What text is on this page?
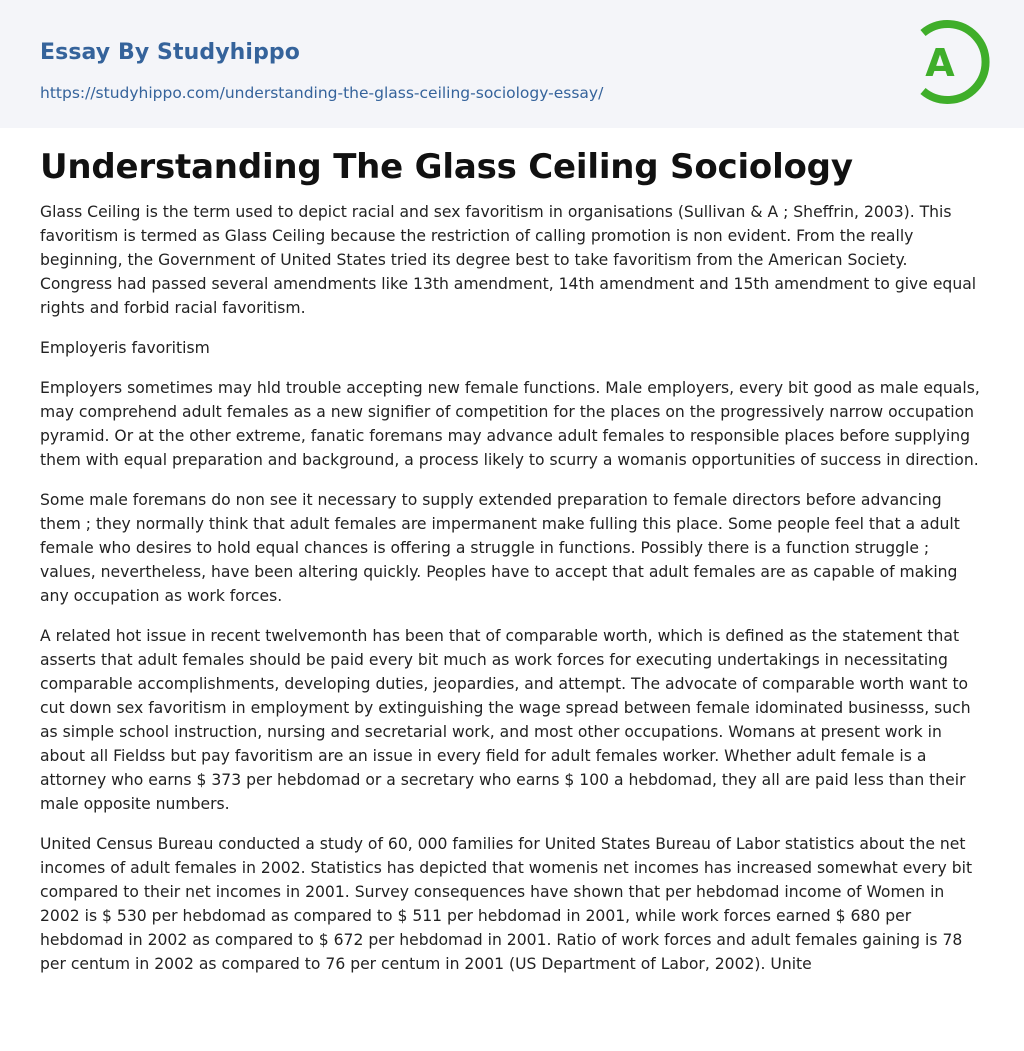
Essay By Studyhippo
https://studyhippo.com/understanding-the-glass-ceiling-sociology-essay/
A
Understanding The Glass Ceiling Sociology

Glass Ceiling is the term used to depict racial and sex favoritism in organisations (Sullivan & A ; Sheffrin, 2003). This favoritism is termed as Glass Ceiling because the restriction of calling promotion is non evident. From the really beginning, the Government of United States tried its degree best to take favoritism from the American Society. Congress had passed several amendments like 13th amendment, 14th amendment and 15th amendment to give equal rights and forbid racial favoritism.

Employeris favoritism

Employers sometimes may hld trouble accepting new female functions. Male employers, every bit good as male equals, may comprehend adult females as a new signifier of competition for the places on the progressively narrow occupation pyramid. Or at the other extreme, fanatic foremans may advance adult females to responsible places before supplying them with equal preparation and background, a process likely to scurry a womanis opportunities of success in direction.

Some male foremans do non see it necessary to supply extended preparation to female directors before advancing them ; they normally think that adult females are impermanent make fulling this place. Some people feel that a adult female who desires to hold equal chances is offering a struggle in functions. Possibly there is a function struggle ; values, nevertheless, have been altering quickly. Peoples have to accept that adult females are as capable of making any occupation as work forces.

A related hot issue in recent twelvemonth has been that of comparable worth, which is defined as the statement that asserts that adult females should be paid every bit much as work forces for executing undertakings in necessitating comparable accomplishments, developing duties, jeopardies, and attempt. The advocate of comparable worth want to cut down sex favoritism in employment by extinguishing the wage spread between female idominated businesss, such as simple school instruction, nursing and secretarial work, and most other occupations. Womans at present work in about all Fieldss but pay favoritism are an issue in every field for adult females worker. Whether adult female is a attorney who earns $ 373 per hebdomad or a secretary who earns $ 100 a hebdomad, they all are paid less than their male opposite numbers.

United Census Bureau conducted a study of 60, 000 families for United States Bureau of Labor statistics about the net incomes of adult females in 2002. Statistics has depicted that womenis net incomes has increased somewhat every bit compared to their net incomes in 2001. Survey consequences have shown that per hebdomad income of Women in 2002 is $ 530 per hebdomad as compared to $ 511 per hebdomad in 2001, while work forces earned $ 680 per hebdomad in 2002 as compared to $ 672 per hebdomad in 2001. Ratio of work forces and adult females gaining is 78 per centum in 2002 as compared to 76 per centum in 2001 (US Department of Labor, 2002). Unite
